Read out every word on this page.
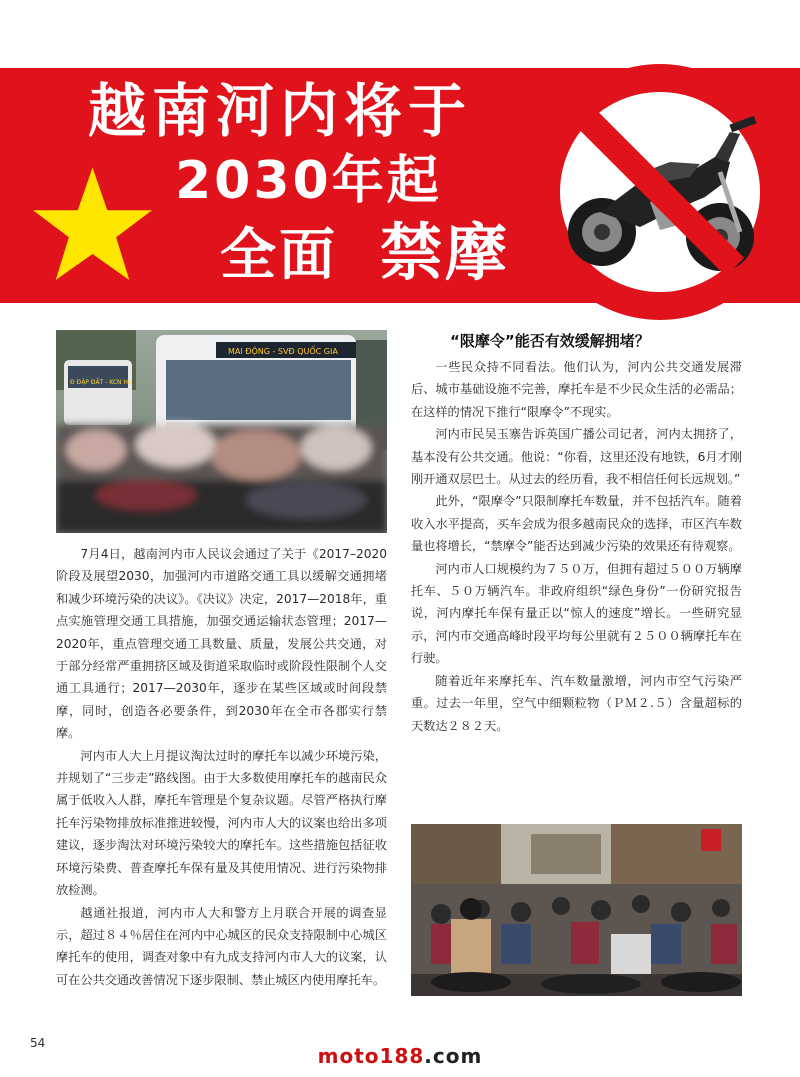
越南河内将于
2030年起
全面 禁摩
Đ ĐẬP ĐẤT - KCN HN
MAI ĐỘNG - SVĐ QUỐC GIA
“限摩令”能否有效缓解拥堵？

7月4日，越南河内市人民议会通过了关于《2017–2020阶段及展望2030，加强河内市道路交通工具以缓解交通拥堵和减少环境污染的决议》。《决议》决定，2017—2018年，重点实施管理交通工具措施，加强交通运输状态管理；2017—2020年，重点管理交通工具数量、质量，发展公共交通，对于部分经常严重拥挤区域及街道采取临时或阶段性限制个人交通工具通行；2017—2030年，逐步在某些区域或时间段禁摩，同时，创造各必要条件，到2030年在全市各郡实行禁摩。

河内市人大上月提议淘汰过时的摩托车以减少环境污染，并规划了“三步走”路线图。由于大多数使用摩托车的越南民众属于低收入人群，摩托车管理是个复杂议题。尽管严格执行摩托车污染物排放标准推进较慢，河内市人大的议案也给出多项建议，逐步淘汰对环境污染较大的摩托车。这些措施包括征收环境污染费、普查摩托车保有量及其使用情况、进行污染物排放检测。

越通社报道，河内市人大和警方上月联合开展的调查显示，超过８４％居住在河内中心城区的民众支持限制中心城区摩托车的使用，调查对象中有九成支持河内市人大的议案，认可在公共交通改善情况下逐步限制、禁止城区内使用摩托车。

一些民众持不同看法。他们认为，河内公共交通发展滞后、城市基础设施不完善，摩托车是不少民众生活的必需品；在这样的情况下推行“限摩令”不现实。

河内市民吴玉寨告诉英国广播公司记者，河内太拥挤了，基本没有公共交通。他说：“你看，这里还没有地铁，6月才刚刚开通双层巴士。从过去的经历看，我不相信任何长远规划。”

此外，“限摩令”只限制摩托车数量，并不包括汽车。随着收入水平提高，买车会成为很多越南民众的选择，市区汽车数量也将增长，“禁摩令”能否达到减少污染的效果还有待观察。

河内市人口规模约为７５０万，但拥有超过５００万辆摩托车、５０万辆汽车。非政府组织“绿色身份”一份研究报告说，河内摩托车保有量正以“惊人的速度”增长。一些研究显示，河内市交通高峰时段平均每公里就有２５００辆摩托车在行驶。

随着近年来摩托车、汽车数量激增，河内市空气污染严重。过去一年里，空气中细颗粒物（ＰＭ２.５）含量超标的天数达２８２天。

54
moto188.com
